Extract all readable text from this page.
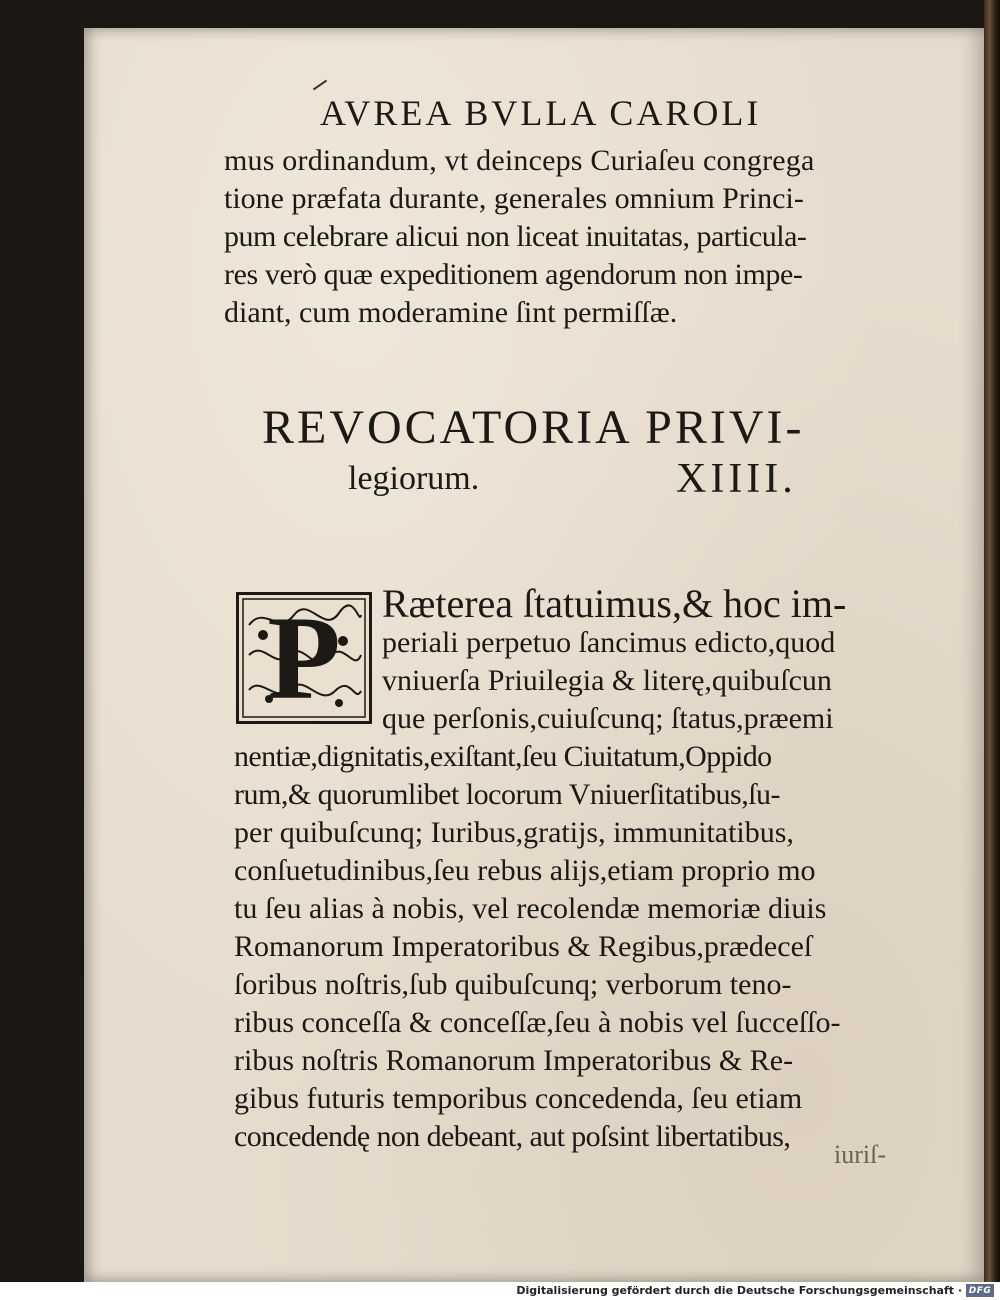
AVREA BVLLA CAROLI
mus ordinandum, vt deinceps Curiaſeu congrega
tione præfata durante, generales omnium Princi-
pum celebrare alicui non liceat inuitatas, particula-
res verò quæ expeditionem agendorum non impe-
diant, cum moderamine ſint permiſſæ.
REVOCATORIA PRIVI-
legiorum.	XIIII.
P	Ræterea ſtatuimus,& hoc im-
periali perpetuo ſancimus edicto,quod
vniuerſa Priuilegia & literę,quibuſcun
que perſonis,cuiuſcunq; ſtatus,præemi
nentiæ,dignitatis,exiſtant,ſeu Ciuitatum,Oppido
rum,& quorumlibet locorum Vniuerſitatibus,ſu-
per quibuſcunq; Iuribus,gratijs, immunitatibus,
conſuetudinibus,ſeu rebus alijs,etiam proprio mo
tu ſeu alias à nobis, vel recolendæ memoriæ diuis
Romanorum Imperatoribus & Regibus,prædeceſ
ſoribus noſtris,ſub quibuſcunq; verborum teno-
ribus conceſſa & conceſſæ,ſeu à nobis vel ſucceſſo-
ribus noſtris Romanorum Imperatoribus & Re-
gibus futuris temporibus concedenda, ſeu etiam
concedendę non debeant, aut poſsint libertatibus,
iuriſ-
Digitalisierung gefördert durch die Deutsche Forschungsgemeinschaft · DFG
